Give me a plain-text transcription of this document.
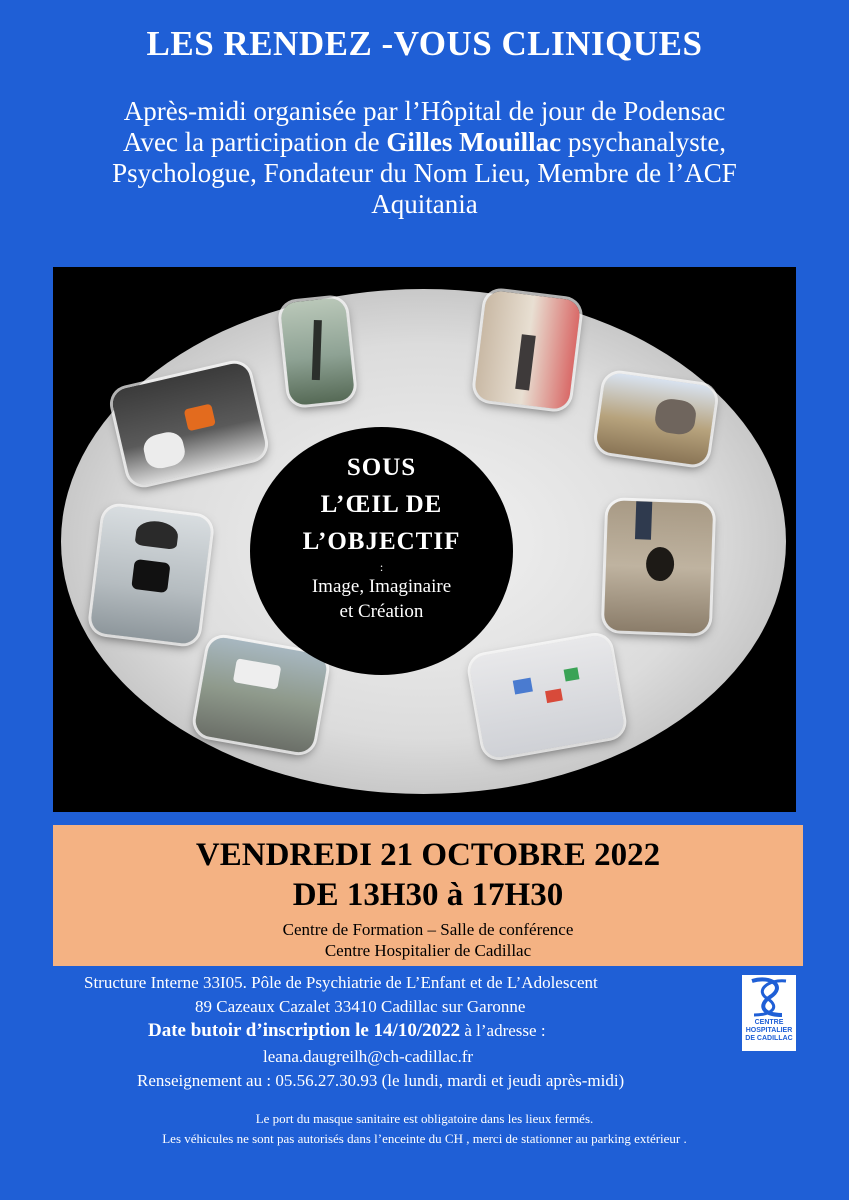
LES RENDEZ -VOUS CLINIQUES
Après-midi organisée par l’Hôpital de jour de Podensac
Avec la participation de Gilles Mouillac psychanalyste,
Psychologue, Fondateur du Nom Lieu, Membre de l’ACF
Aquitania
SOUS
L’ŒIL DE
L’OBJECTIF
:
Image, Imaginaire
et Création
VENDREDI 21 OCTOBRE 2022
DE 13H30 à 17H30
Centre de Formation – Salle de conférence
Centre Hospitalier de Cadillac
Structure Interne 33I05. Pôle de Psychiatrie de L’Enfant et de L’Adolescent
89 Cazeaux Cazalet 33410 Cadillac sur Garonne
Date butoir d’inscription le 14/10/2022 à l’adresse :
leana.daugreilh@ch-cadillac.fr
Renseignement au : 05.56.27.30.93 (le lundi, mardi et jeudi après-midi)
CENTRE
HOSPITALIER
DE CADILLAC
Le port du masque sanitaire est obligatoire dans les lieux fermés.
Les véhicules ne sont pas autorisés dans l’enceinte du CH , merci de stationner au parking extérieur .
